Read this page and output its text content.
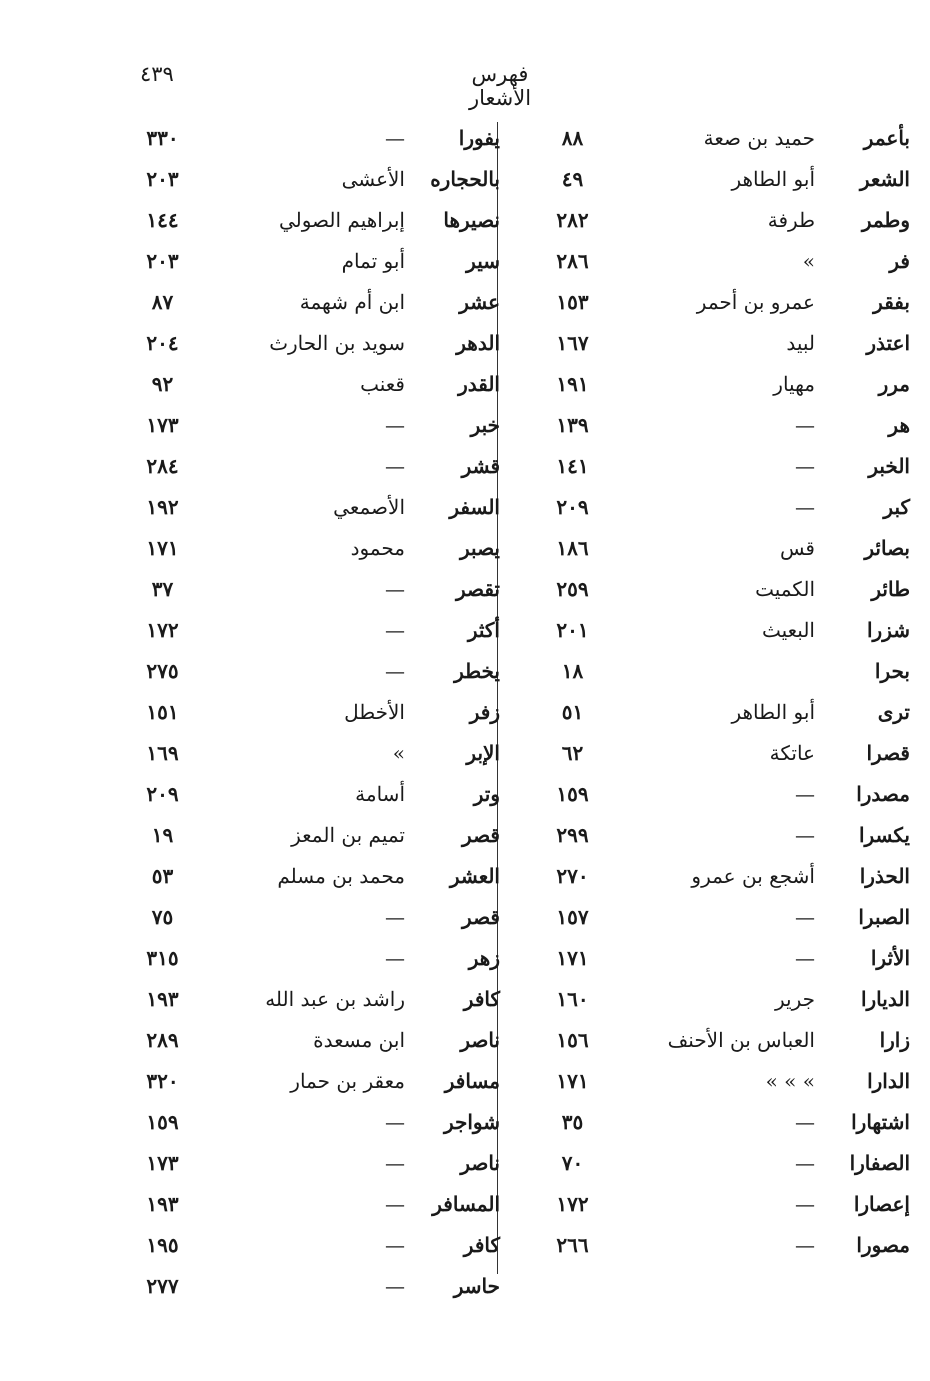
٤٣٩	فهرس الأشعار
بأعمر
حميد بن صعة
٨٨
الشعر
أبو الطاهر
٤٩
وطمر
طرفة
٢٨٢
فر
»
٢٨٦
بفقر
عمرو بن أحمر
١٥٣
اعتذر
لبيد
١٦٧
مرر
مهيار
١٩١
هر
—
١٣٩
الخبر
—
١٤١
كبر
—
٢٠٩
بصائر
قس
١٨٦
طائر
الكميت
٢٥٩
شزرا
البعيث
٢٠١
بحرا
١٨
ترى
أبو الطاهر
٥١
قصرا
عاتكة
٦٢
مصدرا
—
١٥٩
يكسرا
—
٢٩٩
الحذرا
أشجع بن عمرو
٢٧٠
الصبرا
—
١٥٧
الأثرا
—
١٧١
الديارا
جرير
١٦٠
زارا
العباس بن الأحنف
١٥٦
الدارا
» » »
١٧١
اشتهارا
—
٣٥
الصفارا
—
٧٠
إعصارا
—
١٧٢
مصورا
—
٢٦٦
يفورا
—
٣٣٠
بالحجاره
الأعشى
٢٠٣
نصيرها
إبراهيم الصولي
١٤٤
سير
أبو تمام
٢٠٣
عشر
ابن أم شهمة
٨٧
الدهر
سويد بن الحارث
٢٠٤
القدر
قعنب
٩٢
خبر
—
١٧٣
قشر
—
٢٨٤
السفر
الأصمعي
١٩٢
يصبر
محمود
١٧١
تقصر
—
٣٧
أكثر
—
١٧٢
يخطر
—
٢٧٥
زفر
الأخطل
١٥١
الإبر
»
١٦٩
وتر
أسامة
٢٠٩
قصر
تميم بن المعز
١٩
العشر
محمد بن مسلم
٥٣
قصر
—
٧٥
زهر
—
٣١٥
كافر
راشد بن عبد الله
١٩٣
ناصر
ابن مسعدة
٢٨٩
مسافر
معقر بن حمار
٣٢٠
شواجر
—
١٥٩
ناصر
—
١٧٣
المسافر
—
١٩٣
كافر
—
١٩٥
حاسر
—
٢٧٧
